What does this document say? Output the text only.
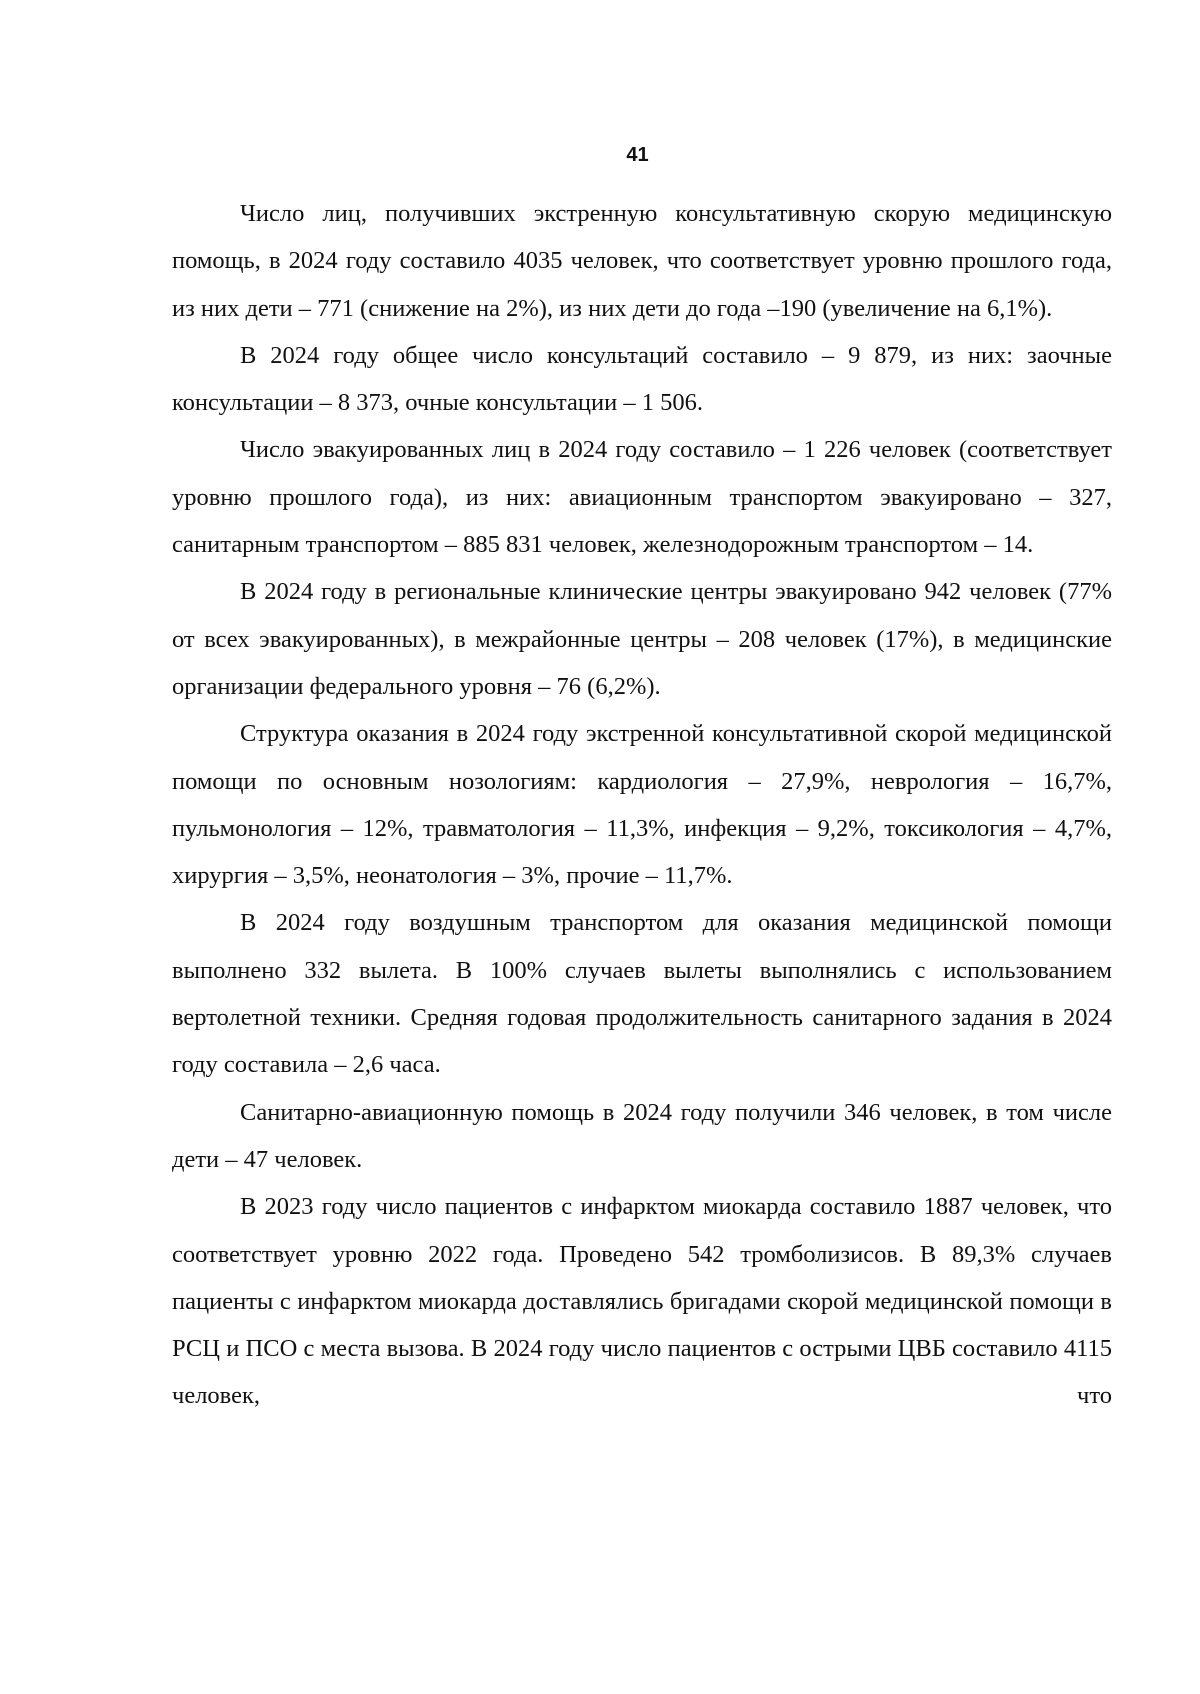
41

Число лиц, получивших экстренную консультативную скорую медицинскую помощь, в 2024 году составило 4035 человек, что соответствует уровню прошлого года, из них дети – 771 (снижение на 2%), из них дети до года –190 (увеличение на 6,1%).

В 2024 году общее число консультаций составило – 9 879, из них: заочные консультации – 8 373, очные консультации – 1 506.

Число эвакуированных лиц в 2024 году составило – 1 226 человек (соответствует уровню прошлого года), из них: авиационным транспортом эвакуировано – 327, санитарным транспортом – 885 831 человек, железнодорожным транспортом – 14.

В 2024 году в региональные клинические центры эвакуировано 942 человек (77% от всех эвакуированных), в межрайонные центры – 208 человек (17%), в медицинские организации федерального уровня – 76 (6,2%).

Структура оказания в 2024 году экстренной консультативной скорой медицинской помощи по основным нозологиям: кардиология – 27,9%, неврология – 16,7%, пульмонология – 12%, травматология – 11,3%, инфекция – 9,2%, токсикология – 4,7%, хирургия – 3,5%, неонатология – 3%, прочие – 11,7%.

В 2024 году воздушным транспортом для оказания медицинской помощи выполнено 332 вылета. В 100% случаев вылеты выполнялись с использованием вертолетной техники. Средняя годовая продолжительность санитарного задания в 2024 году составила – 2,6 часа.

Санитарно-авиационную помощь в 2024 году получили 346 человек, в том числе дети – 47 человек.

В 2023 году число пациентов с инфарктом миокарда составило 1887 человек, что соответствует уровню 2022 года. Проведено 542 тромболизисов. В 89,3% случаев пациенты с инфарктом миокарда доставлялись бригадами скорой медицинской помощи в РСЦ и ПСО с места вызова. В 2024 году число пациентов с острыми ЦВБ составило 4115 человек, что
